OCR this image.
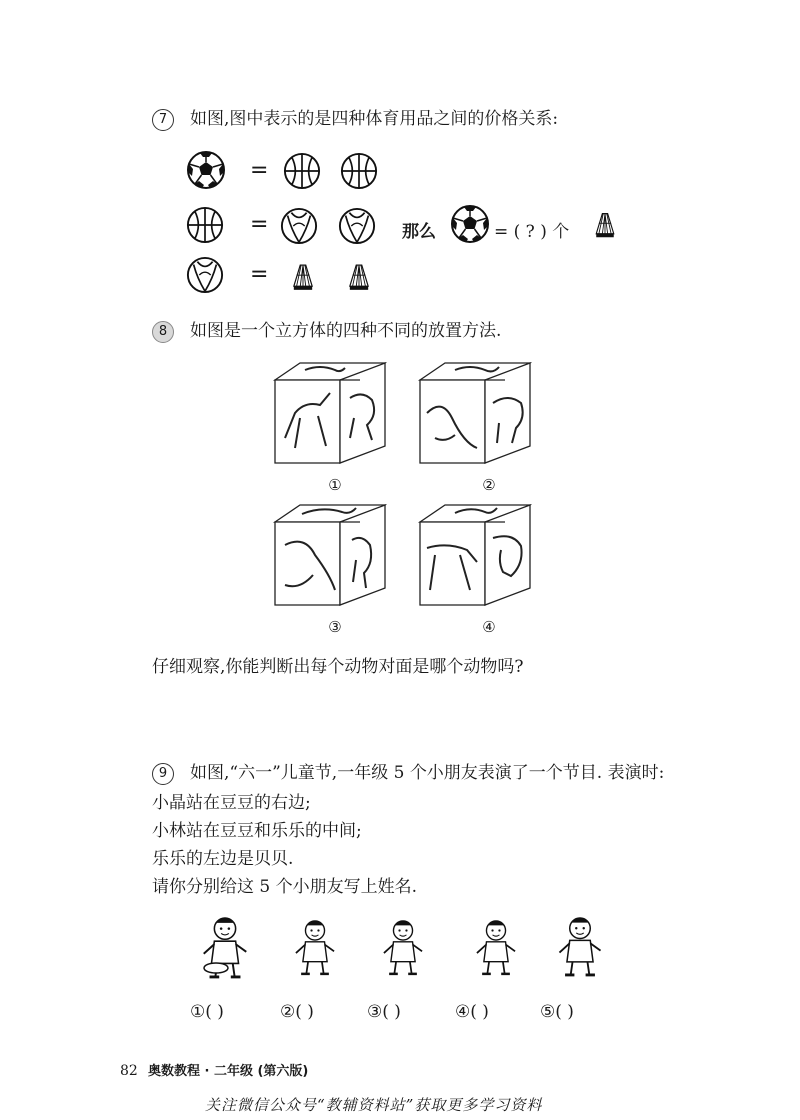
7 如图,图中表示的是四种体育用品之间的价格关系:
=
=	那么	= ( ? ) 个
=
8 如图是一个立方体的四种不同的放置方法.
①	②
③	④
仔细观察,你能判断出每个动物对面是哪个动物吗?
9 如图,“六一”儿童节,一年级 5 个小朋友表演了一个节目. 表演时:
小晶站在豆豆的右边;
小林站在豆豆和乐乐的中间;
乐乐的左边是贝贝.
请你分别给这 5 个小朋友写上姓名.
①( )	②( )	③( )	④( )	⑤( )
82 奥数教程 · 二年级 (第六版)
关注微信公众号“教辅资料站”获取更多学习资料
